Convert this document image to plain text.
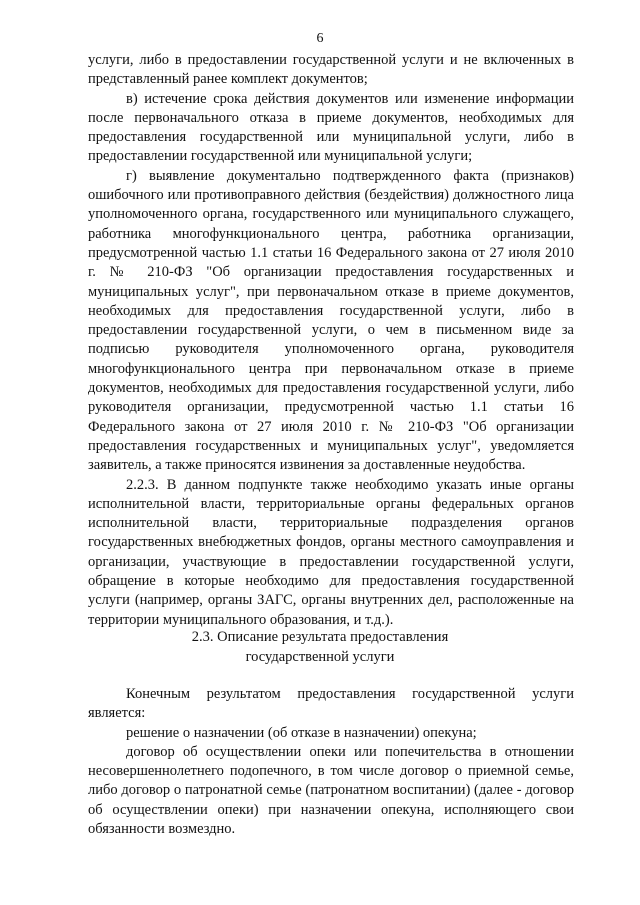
6

услуги, либо в предоставлении государственной услуги и не включенных в представленный ранее комплект документов;

в) истечение срока действия документов или изменение информации после первоначального отказа в приеме документов, необходимых для предоставления государственной или муниципальной услуги, либо в предоставлении государственной или муниципальной услуги;

г) выявление документально подтвержденного факта (признаков) ошибочного или противоправного действия (бездействия) должностного лица уполномоченного органа, государственного или муниципального служащего, работника многофункционального центра, работника организации, предусмотренной частью 1.1 статьи 16 Федерального закона от 27 июля 2010 г. № 210-ФЗ "Об организации предоставления государственных и муниципальных услуг", при первоначальном отказе в приеме документов, необходимых для предоставления государственной услуги, либо в предоставлении государственной услуги, о чем в письменном виде за подписью руководителя уполномоченного органа, руководителя многофункционального центра при первоначальном отказе в приеме документов, необходимых для предоставления государственной услуги, либо руководителя организации, предусмотренной частью 1.1 статьи 16 Федерального закона от 27 июля 2010 г. № 210-ФЗ "Об организации предоставления государственных и муниципальных услуг", уведомляется заявитель, а также приносятся извинения за доставленные неудобства.

2.2.3. В данном подпункте также необходимо указать иные органы исполнительной власти, территориальные органы федеральных органов исполнительной власти, территориальные подразделения органов государственных внебюджетных фондов, органы местного самоуправления и организации, участвующие в предоставлении государственной услуги, обращение в которые необходимо для предоставления государственной услуги (например, органы ЗАГС, органы внутренних дел, расположенные на территории муниципального образования, и т.д.).

2.3. Описание результата предоставления
государственной услуги

Конечным результатом предоставления государственной услуги является:

решение о назначении (об отказе в назначении) опекуна;

договор об осуществлении опеки или попечительства в отношении несовершеннолетнего подопечного, в том числе договор о приемной семье, либо договор о патронатной семье (патронатном воспитании) (далее - договор об осуществлении опеки) при назначении опекуна, исполняющего свои обязанности возмездно.
